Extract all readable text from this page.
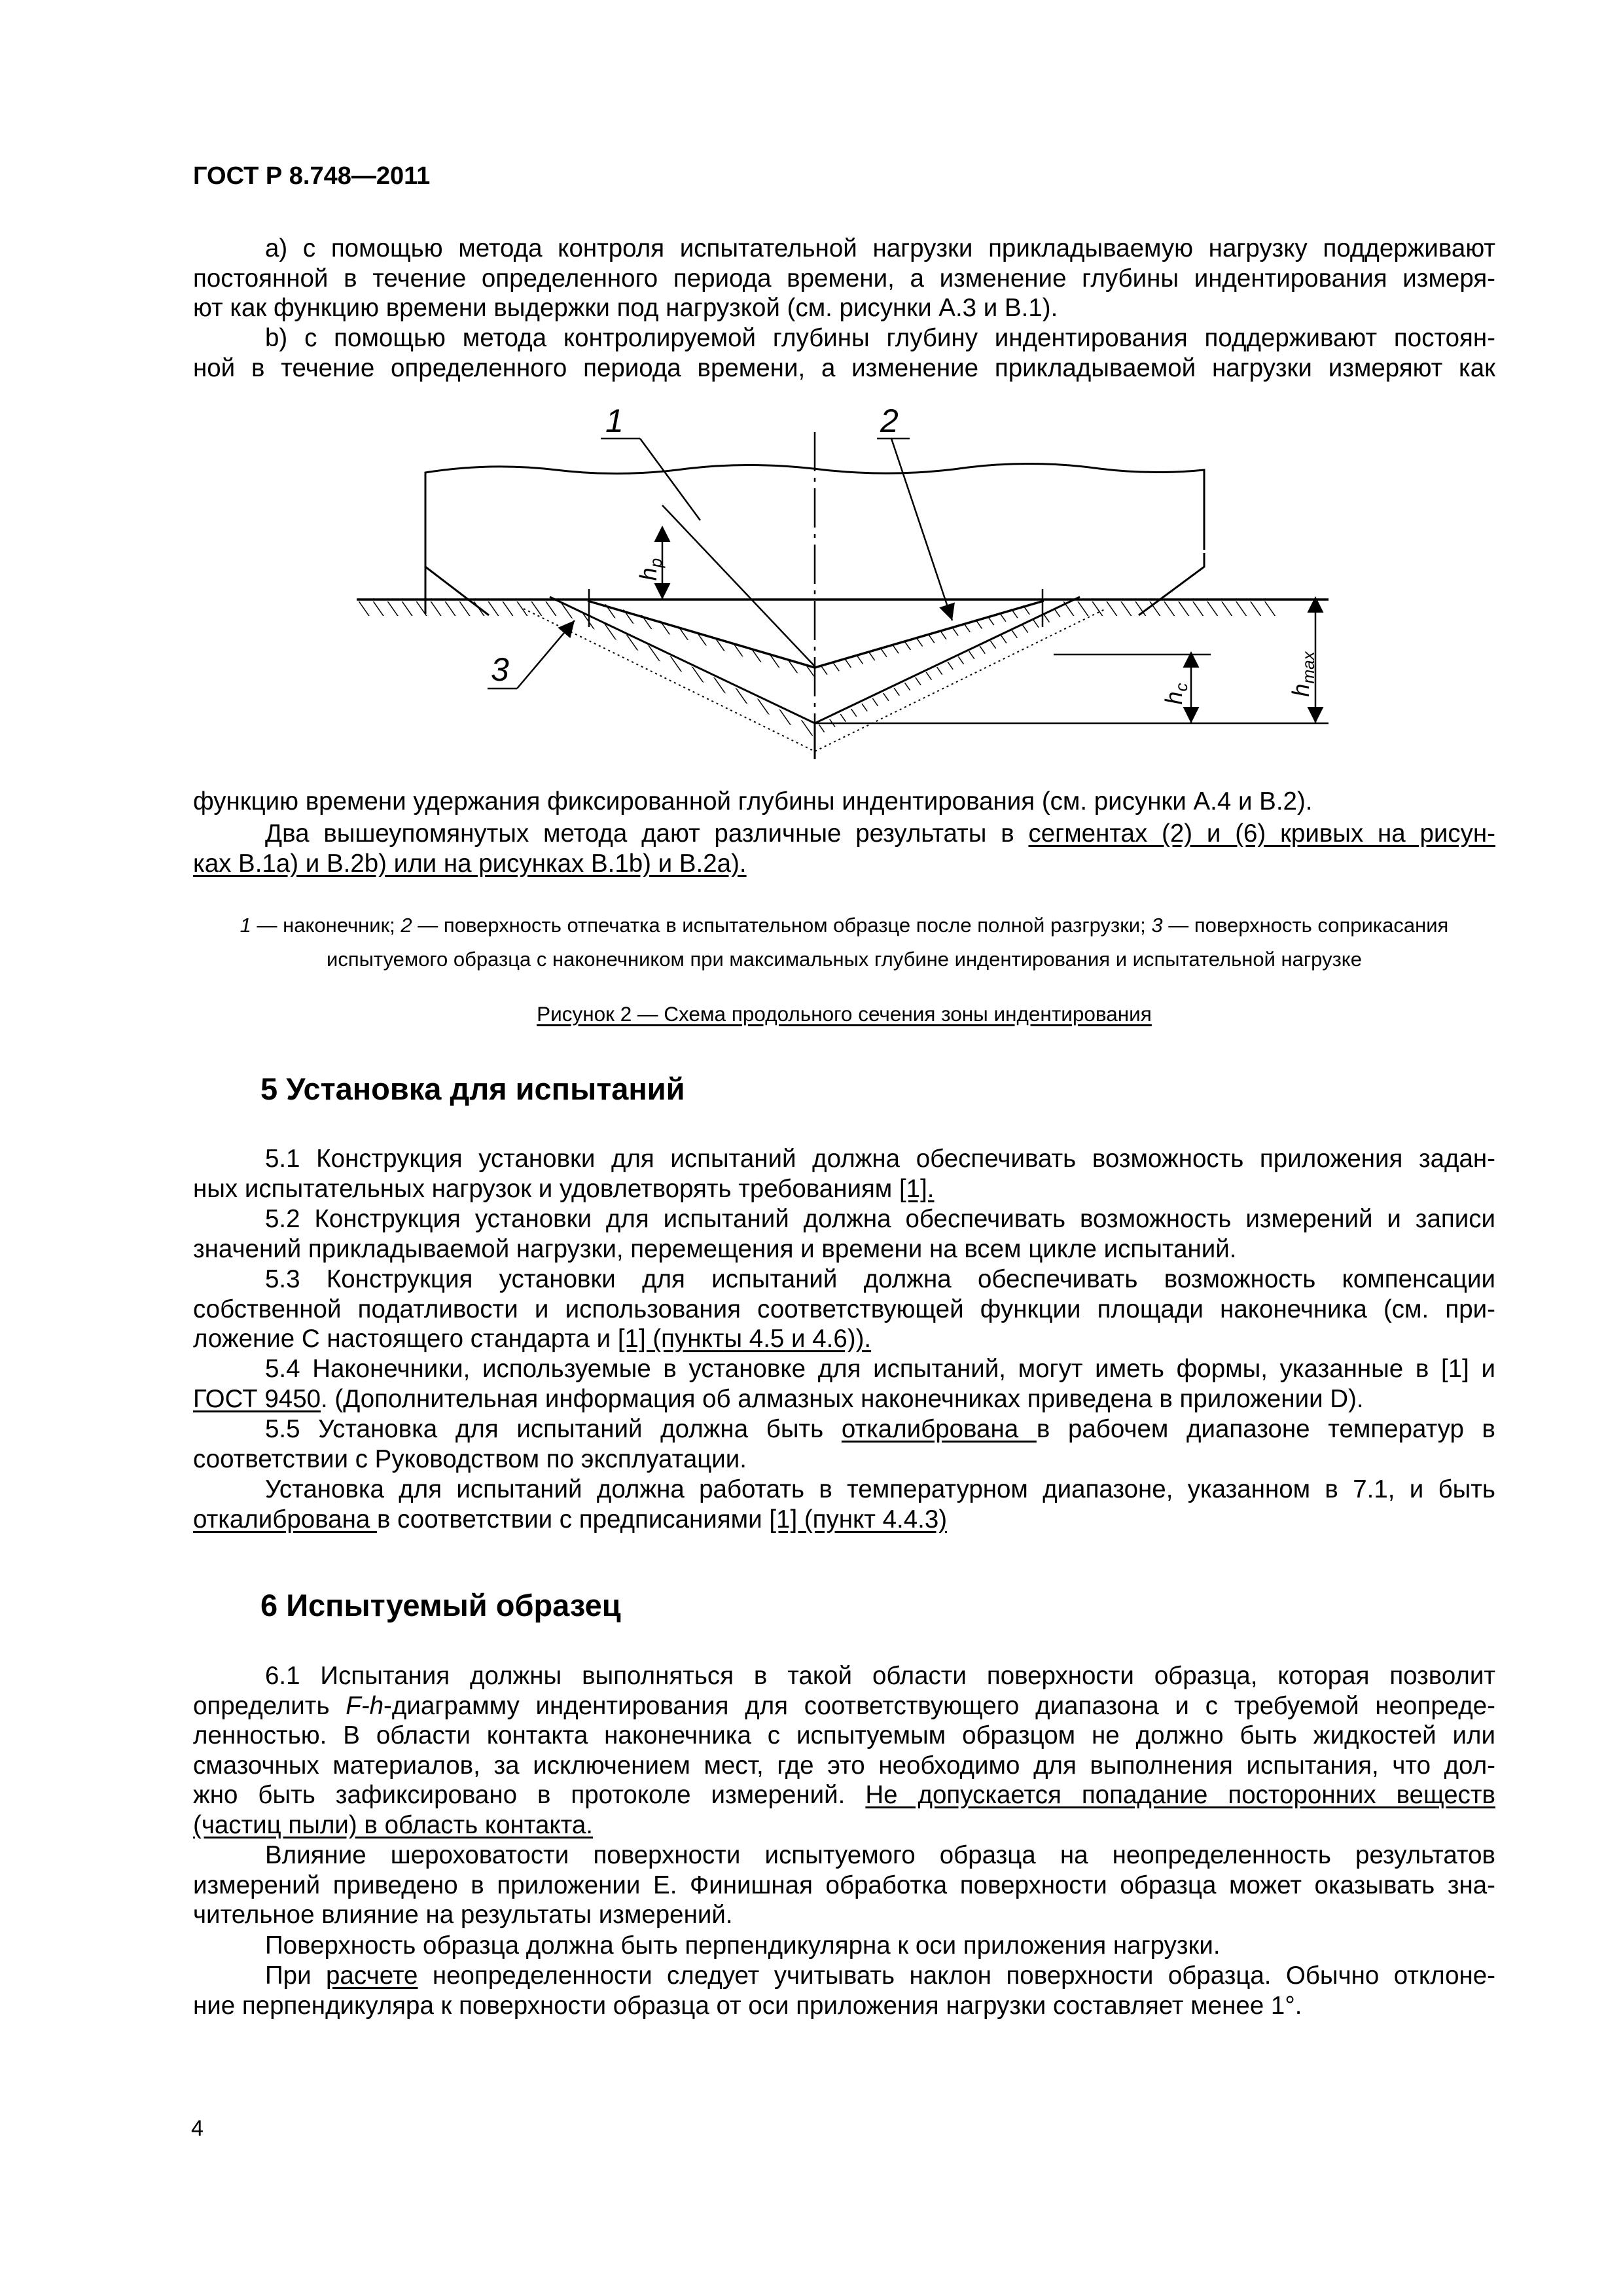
ГОСТ Р 8.748—2011
а) с помощью метода контроля испытательной нагрузки прикладываемую нагрузку поддерживают
постоянной в течение определенного периода времени, а изменение глубины индентирования измеря-
ют как функцию времени выдержки под нагрузкой (см. рисунки А.3 и В.1).
b) с помощью метода контролируемой глубины глубину индентирования поддерживают постоян-
ной в течение определенного периода времени, а изменение прикладываемой нагрузки измеряют как
$h_p$
$h_c$	$h_{max}$
1	2
3
функцию времени удержания фиксированной глубины индентирования (см. рисунки А.4 и В.2).
Два вышеупомянутых метода дают различные результаты в сегментах (2) и (6) кривых на рисун-
ках В.1а) и В.2b) или на рисунках В.1b) и В.2а).
1 — наконечник; 2 — поверхность отпечатка в испытательном образце после полной разгрузки; 3 — поверхность соприкасания
испытуемого образца с наконечником при максимальных глубине индентирования и испытательной нагрузке
Рисунок 2 — Схема продольного сечения зоны индентирования
5 Установка для испытаний
5.1 Конструкция установки для испытаний должна обеспечивать возможность приложения задан-
ных испытательных нагрузок и удовлетворять требованиям [1].
5.2 Конструкция установки для испытаний должна обеспечивать возможность измерений и записи
значений прикладываемой нагрузки, перемещения и времени на всем цикле испытаний.
5.3 Конструкция установки для испытаний должна обеспечивать возможность компенсации
собственной податливости и использования соответствующей функции площади наконечника (см. при-
ложение С настоящего стандарта и [1] (пункты 4.5 и 4.6)).
5.4 Наконечники, используемые в установке для испытаний, могут иметь формы, указанные в [1] и
ГОСТ 9450. (Дополнительная информация об алмазных наконечниках приведена в приложении D).
5.5 Установка для испытаний должна быть откалибрована в рабочем диапазоне температур в
соответствии с Руководством по эксплуатации.
Установка для испытаний должна работать в температурном диапазоне, указанном в 7.1, и быть
откалибрована в соответствии с предписаниями [1] (пункт 4.4.3)
6 Испытуемый образец
6.1 Испытания должны выполняться в такой области поверхности образца, которая позволит
определить F-h-диаграмму индентирования для соответствующего диапазона и с требуемой неопреде-
ленностью. В области контакта наконечника с испытуемым образцом не должно быть жидкостей или
смазочных материалов, за исключением мест, где это необходимо для выполнения испытания, что дол-
жно быть зафиксировано в протоколе измерений. Не допускается попадание посторонних веществ
(частиц пыли) в область контакта.
Влияние шероховатости поверхности испытуемого образца на неопределенность результатов
измерений приведено в приложении Е. Финишная обработка поверхности образца может оказывать зна-
чительное влияние на результаты измерений.
Поверхность образца должна быть перпендикулярна к оси приложения нагрузки.
При расчете неопределенности следует учитывать наклон поверхности образца. Обычно отклоне-
ние перпендикуляра к поверхности образца от оси приложения нагрузки составляет менее 1°.
4
